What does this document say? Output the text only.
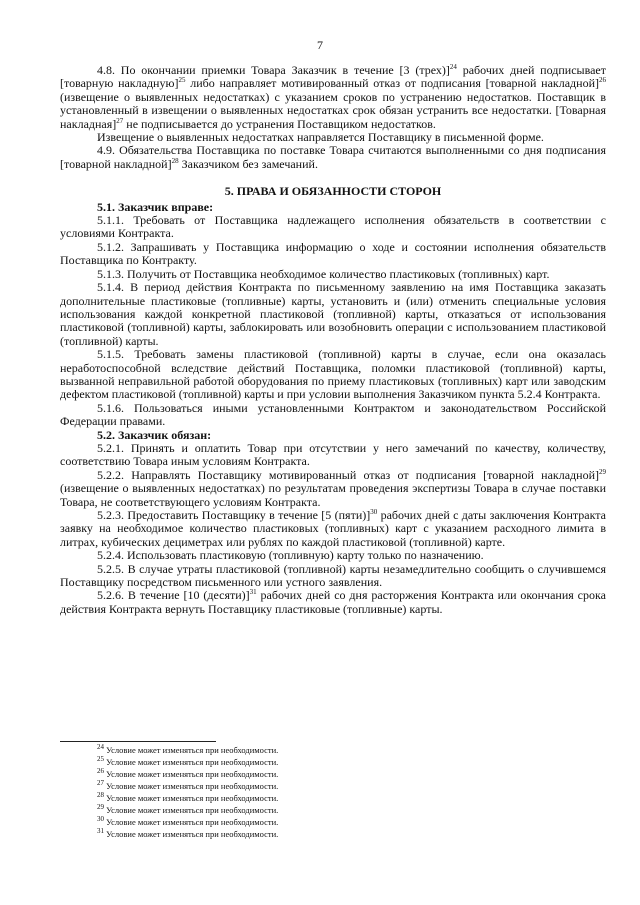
7

4.8. По окончании приемки Товара Заказчик в течение [3 (трех)]$^{24}$ рабочих дней подписывает [товарную накладную]$^{25}$ либо направляет мотивированный отказ от подписания [товарной накладной]$^{26}$ (извещение о выявленных недостатках) с указанием сроков по устранению недостатков. Поставщик в установленный в извещении о выявленных недостатках срок обязан устранить все недостатки. [Товарная накладная]$^{27}$ не подписывается до устранения Поставщиком недостатков.

Извещение о выявленных недостатках направляется Поставщику в письменной форме.

4.9. Обязательства Поставщика по поставке Товара считаются выполненными со дня подписания [товарной накладной]$^{28}$ Заказчиком без замечаний.

5. ПРАВА И ОБЯЗАННОСТИ СТОРОН

5.1. Заказчик вправе:

5.1.1. Требовать от Поставщика надлежащего исполнения обязательств в соответствии с условиями Контракта.

5.1.2. Запрашивать у Поставщика информацию о ходе и состоянии исполнения обязательств Поставщика по Контракту.

5.1.3. Получить от Поставщика необходимое количество пластиковых (топливных) карт.

5.1.4. В период действия Контракта по письменному заявлению на имя Поставщика заказать дополнительные пластиковые (топливные) карты, установить и (или) отменить специальные условия использования каждой конкретной пластиковой (топливной) карты, отказаться от использования пластиковой (топливной) карты, заблокировать или возобновить операции с использованием пластиковой (топливной) карты.

5.1.5. Требовать замены пластиковой (топливной) карты в случае, если она оказалась неработоспособной вследствие действий Поставщика, поломки пластиковой (топливной) карты, вызванной неправильной работой оборудования по приему пластиковых (топливных) карт или заводским дефектом пластиковой (топливной) карты и при условии выполнения Заказчиком пункта 5.2.4 Контракта.

5.1.6. Пользоваться иными установленными Контрактом и законодательством Российской Федерации правами.

5.2. Заказчик обязан:

5.2.1. Принять и оплатить Товар при отсутствии у него замечаний по качеству, количеству, соответствию Товара иным условиям Контракта.

5.2.2. Направлять Поставщику мотивированный отказ от подписания [товарной накладной]$^{29}$ (извещение о выявленных недостатках) по результатам проведения экспертизы Товара в случае поставки Товара, не соответствующего условиям Контракта.

5.2.3. Предоставить Поставщику в течение [5 (пяти)]$^{30}$ рабочих дней с даты заключения Контракта заявку на необходимое количество пластиковых (топливных) карт с указанием расходного лимита в литрах, кубических дециметрах или рублях по каждой пластиковой (топливной) карте.

5.2.4. Использовать пластиковую (топливную) карту только по назначению.

5.2.5. В случае утраты пластиковой (топливной) карты незамедлительно сообщить о случившемся Поставщику посредством письменного или устного заявления.

5.2.6. В течение [10 (десяти)]$^{31}$ рабочих дней со дня расторжения Контракта или окончания срока действия Контракта вернуть Поставщику пластиковые (топливные) карты.

$^{24}$ Условие может изменяться при необходимости.
$^{25}$ Условие может изменяться при необходимости.
$^{26}$ Условие может изменяться при необходимости.
$^{27}$ Условие может изменяться при необходимости.
$^{28}$ Условие может изменяться при необходимости.
$^{29}$ Условие может изменяться при необходимости.
$^{30}$ Условие может изменяться при необходимости.
$^{31}$ Условие может изменяться при необходимости.
